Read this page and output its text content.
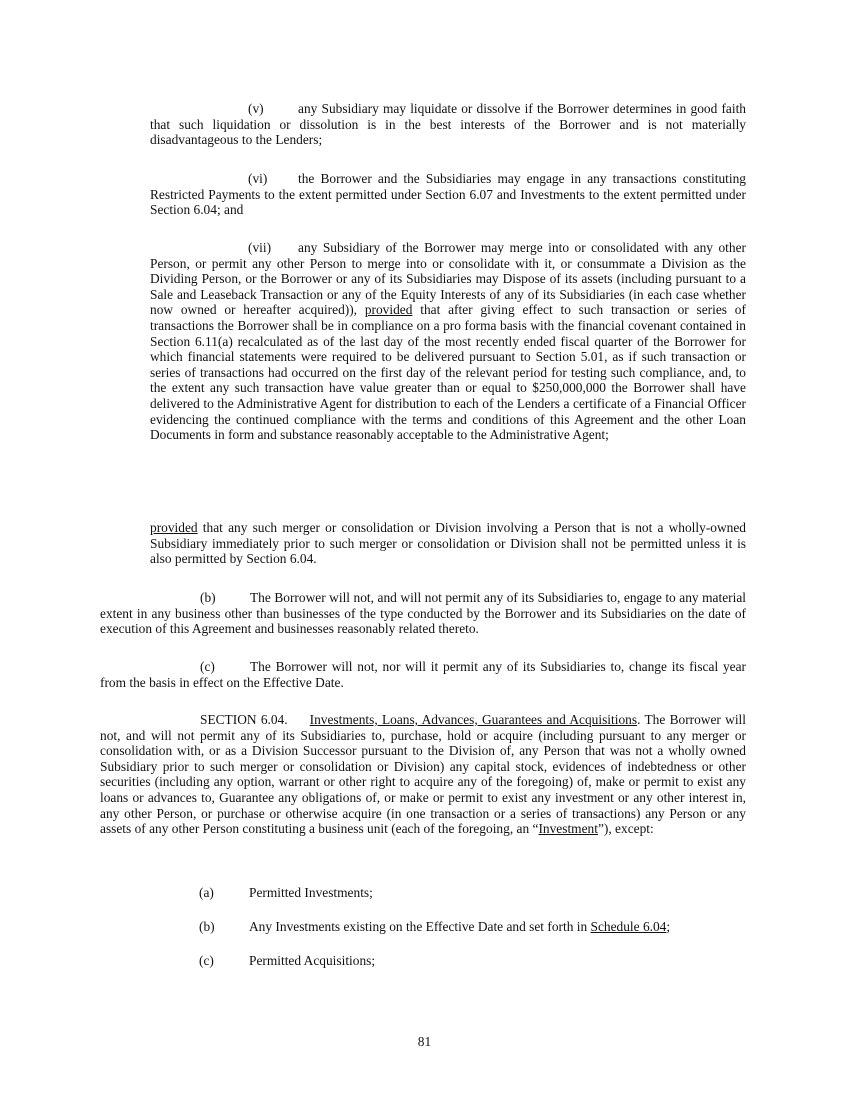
(v)	any Subsidiary may liquidate or dissolve if the Borrower determines in good faith that such liquidation or dissolution is in the best interests of the Borrower and is not materially disadvantageous to the Lenders;

(vi) the Borrower and the Subsidiaries may engage in any transactions constituting Restricted Payments to the extent permitted under Section 6.07 and Investments to the extent permitted under Section 6.04; and

(vii) any Subsidiary of the Borrower may merge into or consolidated with any other Person, or permit any other Person to merge into or consolidate with it, or consummate a Division as the Dividing Person, or the Borrower or any of its Subsidiaries may Dispose of its assets (including pursuant to a Sale and Leaseback Transaction or any of the Equity Interests of any of its Subsidiaries (in each case whether now owned or hereafter acquired)), provided that after giving effect to such transaction or series of transactions the Borrower shall be in compliance on a pro forma basis with the financial covenant contained in Section 6.11(a) recalculated as of the last day of the most recently ended fiscal quarter of the Borrower for which financial statements were required to be delivered pursuant to Section 5.01, as if such transaction or series of transactions had occurred on the first day of the relevant period for testing such compliance, and, to the extent any such transaction have value greater than or equal to $250,000,000 the Borrower shall have delivered to the Administrative Agent for distribution to each of the Lenders a certificate of a Financial Officer evidencing the continued compliance with the terms and conditions of this Agreement and the other Loan Documents in form and substance reasonably acceptable to the Administrative Agent;

provided that any such merger or consolidation or Division involving a Person that is not a wholly-owned Subsidiary immediately prior to such merger or consolidation or Division shall not be permitted unless it is also permitted by Section 6.04.

(b)	The Borrower will not, and will not permit any of its Subsidiaries to, engage to any material extent in any business other than businesses of the type conducted by the Borrower and its Subsidiaries on the date of execution of this Agreement and businesses reasonably related thereto.

(c)	The Borrower will not, nor will it permit any of its Subsidiaries to, change its fiscal year from the basis in effect on the Effective Date.

SECTION 6.04. Investments, Loans, Advances, Guarantees and Acquisitions. The Borrower will not, and will not permit any of its Subsidiaries to, purchase, hold or acquire (including pursuant to any merger or consolidation with, or as a Division Successor pursuant to the Division of, any Person that was not a wholly owned Subsidiary prior to such merger or consolidation or Division) any capital stock, evidences of indebtedness or other securities (including any option, warrant or other right to acquire any of the foregoing) of, make or permit to exist any loans or advances to, Guarantee any obligations of, or make or permit to exist any investment or any other interest in, any other Person, or purchase or otherwise acquire (in one transaction or a series of transactions) any Person or any assets of any other Person constituting a business unit (each of the foregoing, an “Investment”), except:

(a)	Permitted Investments;
(b)	Any Investments existing on the Effective Date and set forth in Schedule 6.04;
(c)	Permitted Acquisitions;
81
